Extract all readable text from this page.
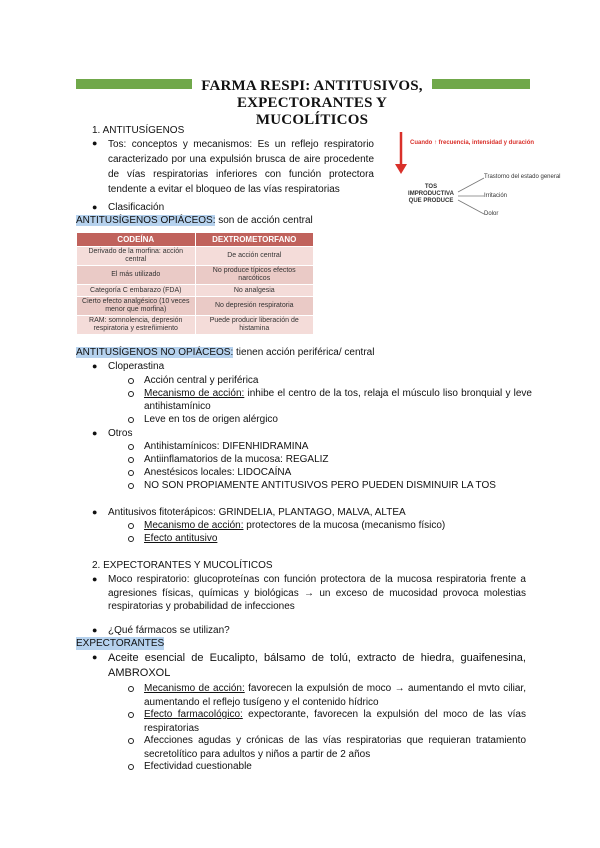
FARMA RESPI: ANTITUSIVOS,
EXPECTORANTES Y MUCOLÍTICOS
1. ANTITUSÍGENOS
● Tos: conceptos y mecanismos: Es un reflejo respiratorio caracterizado por una expulsión brusca de aire procedente de vías respiratorias inferiores con función protectora tendente a evitar el bloqueo de las vías respiratorias
● Clasificación
ANTITUSÍGENOS OPIÁCEOS: son de acción central
Cuando ↑ frecuencia, intensidad y duración
TOS IMPRODUCTIVA QUE PRODUCE
Trastorno del estado general
Irritación
Dolor
CODEÍNA	DEXTROMETORFANO
Derivado de la morfina: acción central	De acción central
El más utilizado	No produce típicos efectos narcóticos
Categoría C embarazo (FDA)	No analgesia
Cierto efecto analgésico (10 veces menor que morfina)	No depresión respiratoria
RAM: somnolencia, depresión respiratoria y estreñimiento	Puede producir liberación de histamina
ANTITUSÍGENOS NO OPIÁCEOS: tienen acción periférica/ central
● Cloperastina
Acción central y periférica
Mecanismo de acción: inhibe el centro de la tos, relaja el músculo liso bronquial y leve antihistamínico
Leve en tos de origen alérgico
● Otros
Antihistamínicos: DIFENHIDRAMINA
Antiinflamatorios de la mucosa: REGALIZ
Anestésicos locales: LIDOCAÍNA
NO SON PROPIAMENTE ANTITUSIVOS PERO PUEDEN DISMINUIR LA TOS
● Antitusivos fitoterápicos: GRINDELIA, PLANTAGO, MALVA, ALTEA
Mecanismo de acción: protectores de la mucosa (mecanismo físico)
Efecto antitusivo
2. EXPECTORANTES Y MUCOLÍTICOS
● Moco respiratorio: glucoproteínas con función protectora de la mucosa respiratoria frente a agresiones físicas, químicas y biológicas → un exceso de mucosidad provoca molestias respiratorias y probabilidad de infecciones
● ¿Qué fármacos se utilizan?
EXPECTORANTES
● Aceite esencial de Eucalipto, bálsamo de tolú, extracto de hiedra, guaifenesina, AMBROXOL
Mecanismo de acción: favorecen la expulsión de moco → aumentando el mvto ciliar, aumentando el reflejo tusígeno y el contenido hídrico
Efecto farmacológico: expectorante, favorecen la expulsión del moco de las vías respiratorias
Afecciones agudas y crónicas de las vías respiratorias que requieran tratamiento secretolítico para adultos y niños a partir de 2 años
Efectividad cuestionable
